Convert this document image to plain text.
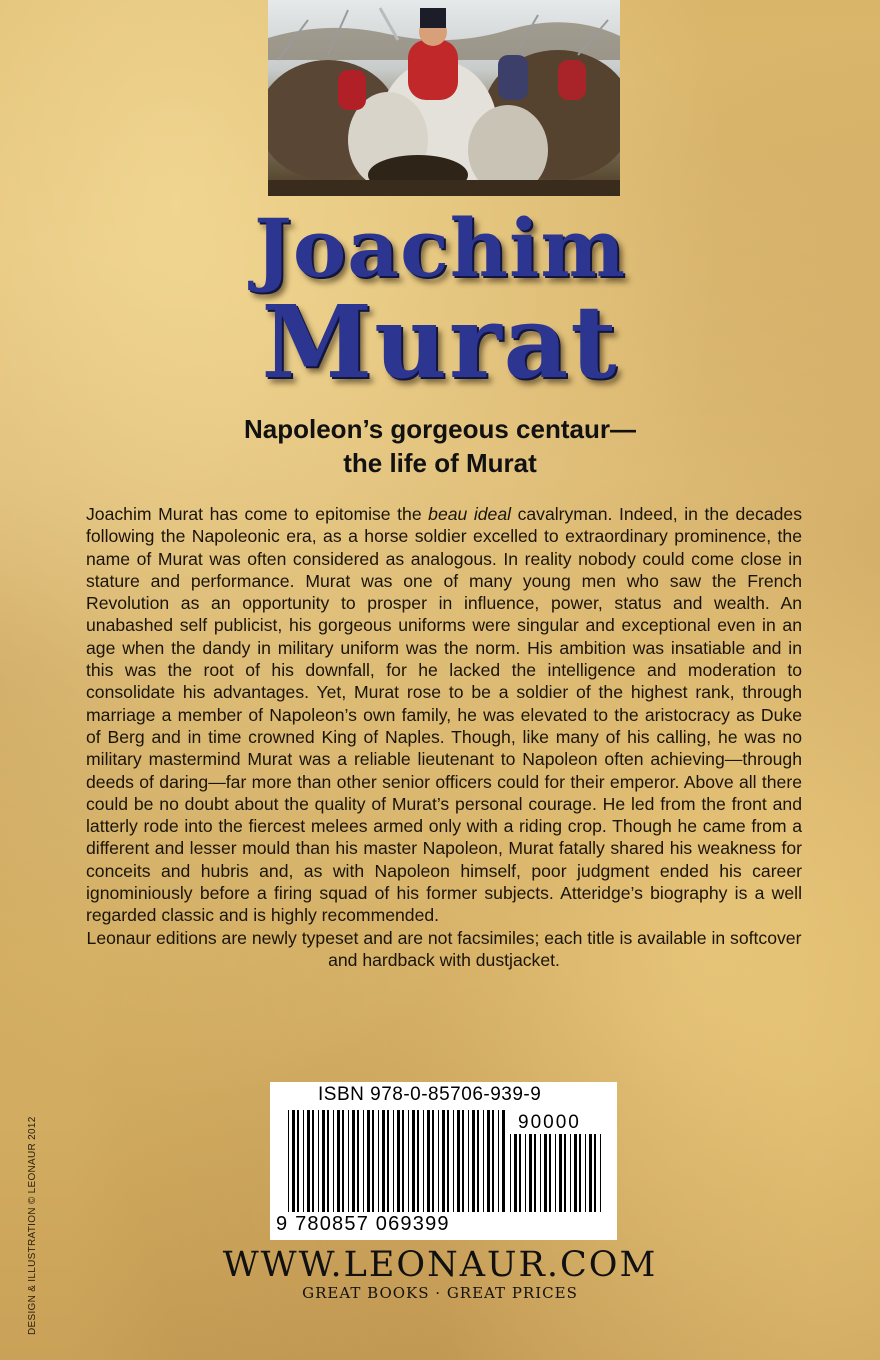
Joachim
Murat
Napoleon’s gorgeous centaur—
the life of Murat

Joachim Murat has come to epitomise the beau ideal cavalryman. Indeed, in the decades following the Napoleonic era, as a horse soldier excelled to extraordinary prominence, the name of Murat was often considered as analogous. In reality nobody could come close in stature and performance. Murat was one of many young men who saw the French Revolution as an opportunity to prosper in influence, power, status and wealth. An unabashed self publicist, his gorgeous uniforms were singular and exceptional even in an age when the dandy in military uniform was the norm. His ambition was insatiable and in this was the root of his downfall, for he lacked the intelligence and moderation to consolidate his advantages. Yet, Murat rose to be a soldier of the highest rank, through marriage a member of Napoleon’s own family, he was elevated to the aristocracy as Duke of Berg and in time crowned King of Naples. Though, like many of his calling, he was no military mastermind Murat was a reliable lieutenant to Napoleon often achieving—through deeds of daring—far more than other senior officers could for their emperor. Above all there could be no doubt about the quality of Murat’s personal courage. He led from the front and latterly rode into the fiercest melees armed only with a riding crop. Though he came from a different and lesser mould than his master Napoleon, Murat fatally shared his weakness for conceits and hubris and, as with Napoleon himself, poor judgment ended his career ignominiously before a firing squad of his former subjects. Atteridge’s biography is a well regarded classic and is highly recommended.

Leonaur editions are newly typeset and are not facsimiles; each title is available in softcover and hardback with dustjacket.

DESIGN & ILLUSTRATION © LEONAUR 2012
ISBN 978-0-85706-939-9
90000
9 780857 069399
WWW.LEONAUR.COM
GREAT BOOKS · GREAT PRICES
